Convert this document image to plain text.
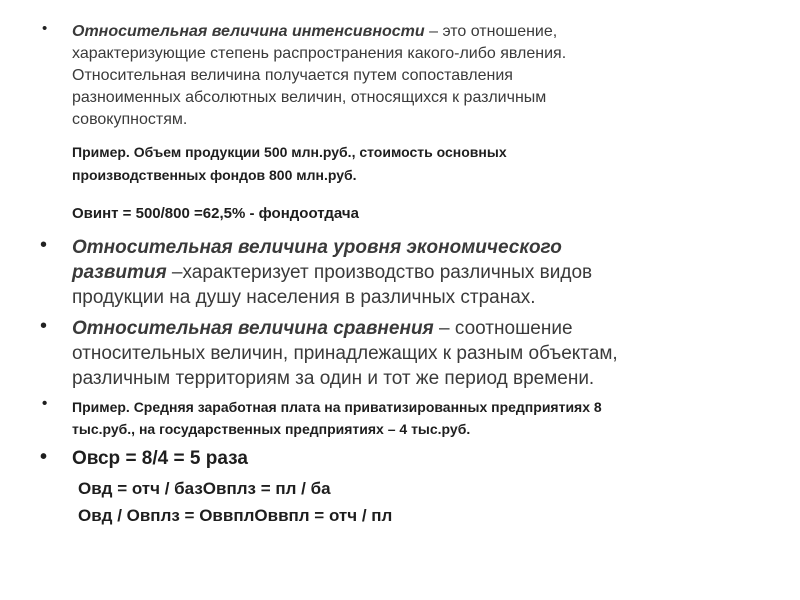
• Относительная величина интенсивности – это отношение,
характеризующие степень распространения какого-либо явления.
Относительная величина получается путем сопоставления
разноименных абсолютных величин, относящихся к различным
совокупностям.
Пример. Объем продукции 500 млн.руб., стоимость основных
производственных фондов 800 млн.руб.
Овинт = 500/800 =62,5% - фондоотдача
• Относительная величина уровня экономического
развития –характеризует производство различных видов
продукции на душу населения в различных странах.
• Относительная величина сравнения – соотношение
относительных величин, принадлежащих к разным объектам,
различным территориям за один и тот же период времени.
• Пример. Средняя заработная плата на приватизированных предприятиях 8
тыс.руб., на государственных предприятиях – 4 тыс.руб.
• Овср = 8/4 = 5 раза
Овд = отч / базОвплз = пл / ба
Овд / Овплз = ОввплОввпл = отч / пл
